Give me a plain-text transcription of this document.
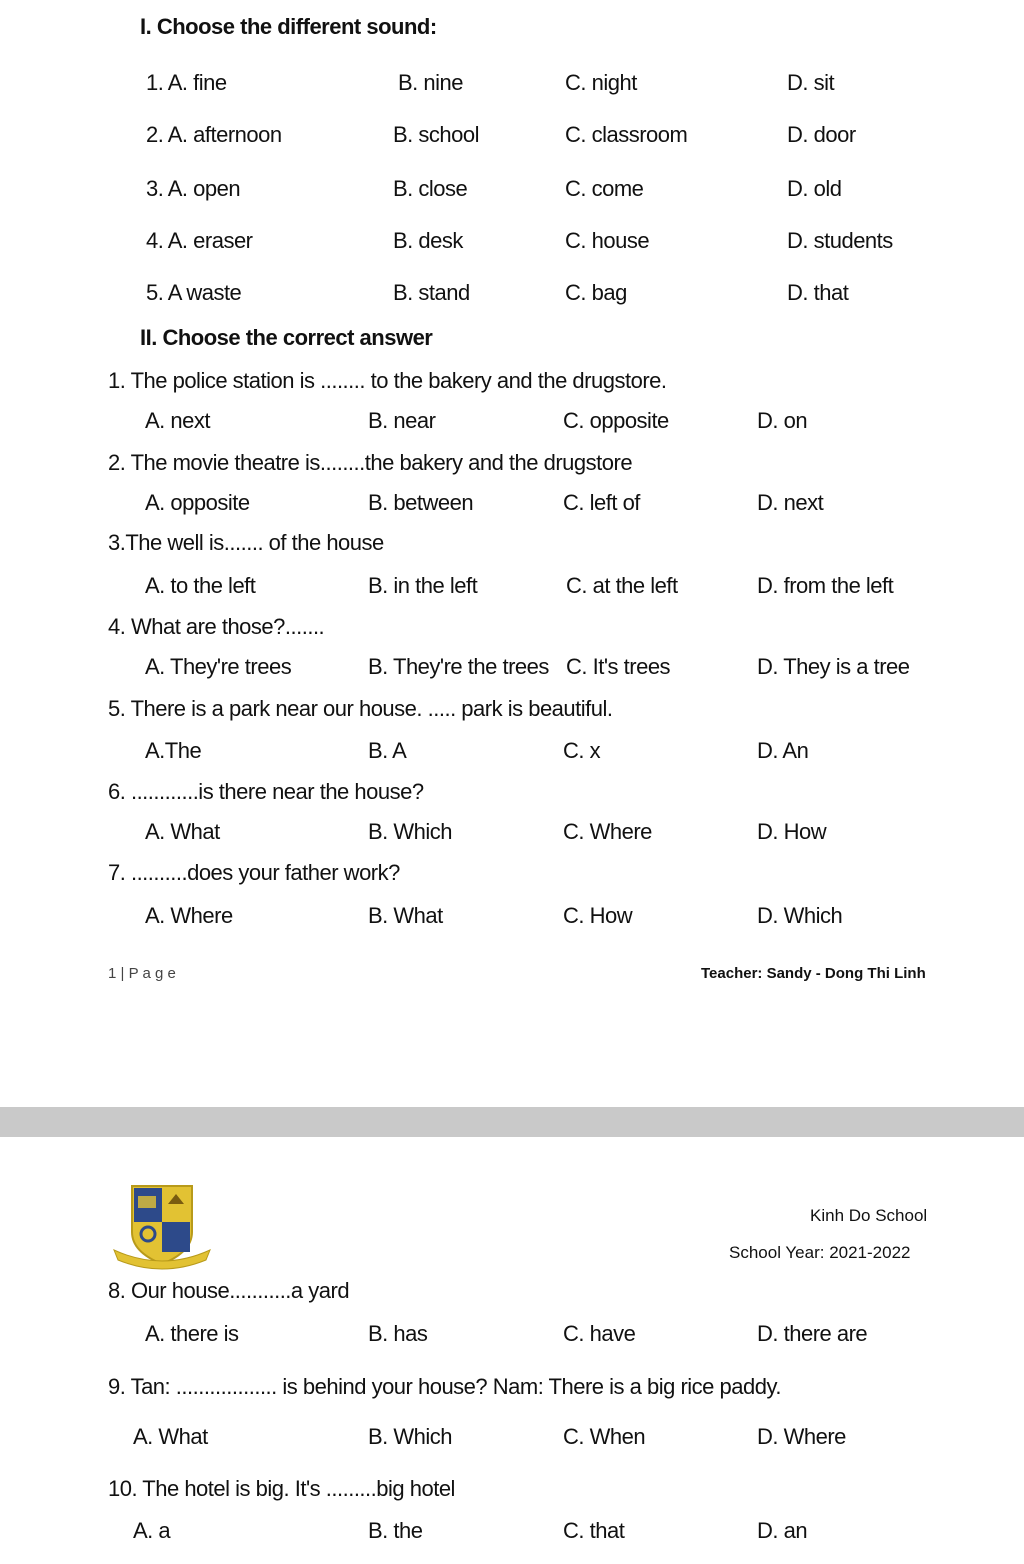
I. Choose the different sound:
1. A. fine	B. nine	C. night	D. sit
2. A. afternoon	B. school	C. classroom	D. door
3. A. open	B. close	C. come	D. old
4. A. eraser	B. desk	C. house	D. students
5. A waste	B. stand	C. bag	D. that
II. Choose the correct answer
1. The police station is ........ to the bakery and the drugstore.
A. next	B. near	C. opposite	D. on
2. The movie theatre is........the bakery and the drugstore
A. opposite	B. between	C. left of	D. next
3.The well is....... of the house
A. to the left	B. in the left	C. at the left	D. from the left
4. What are those?.......
A. They're trees	B. They're the trees C. It's trees	D. They is a tree
5. There is a park near our house. ..... park is beautiful.
A.The	B. A	C. x	D. An
6. ............is there near the house?
A. What	B. Which	C. Where	D. How
7. ..........does your father work?
A. Where	B. What	C. How	D. Which
1 | P a g e	Teacher: Sandy - Dong Thi Linh
Kinh Do School
School Year: 2021-2022
8. Our house...........a yard
A. there is	B. has	C. have	D. there are
9. Tan: .................. is behind your house? Nam: There is a big rice paddy.
A. What	B. Which	C. When	D. Where
10. The hotel is big. It's .........big hotel
A. a	B. the	C. that	D. an
